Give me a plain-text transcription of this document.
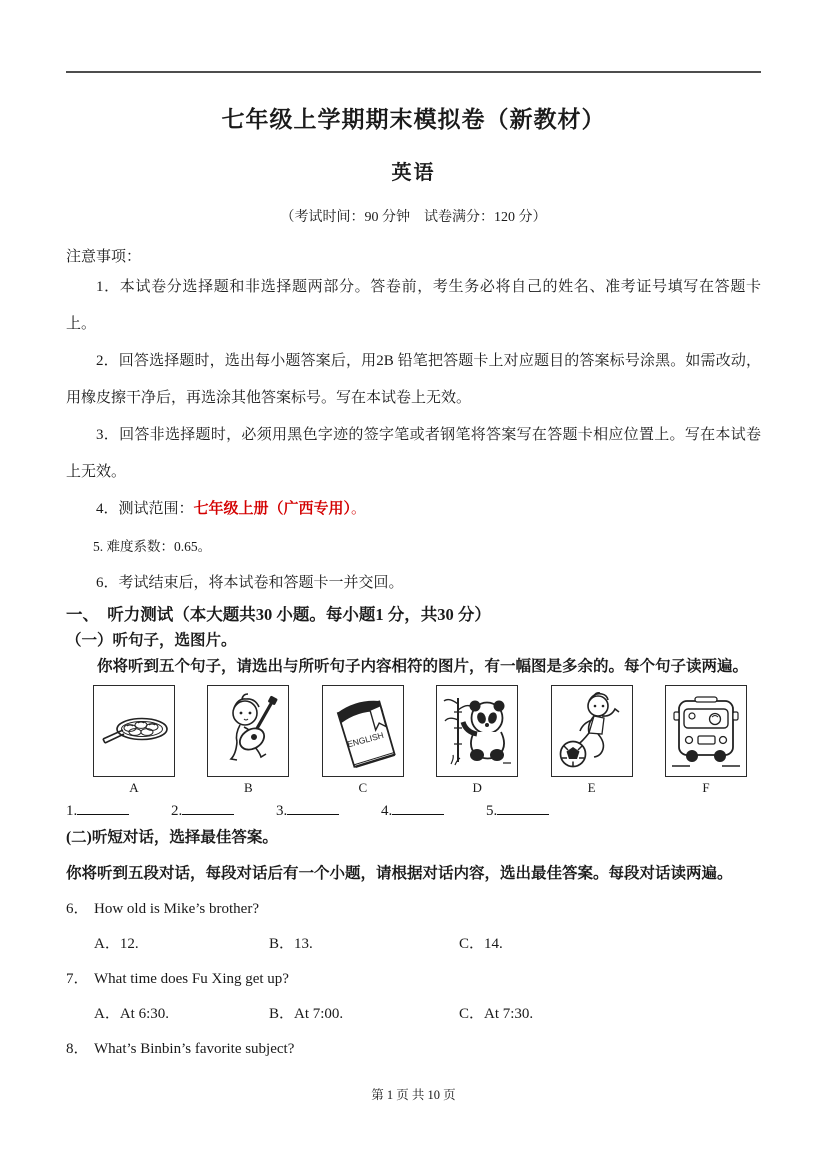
七年级上学期期末模拟卷（新教材）
英语
（考试时间：90 分钟　试卷满分：120 分）
注意事项：

1．本试卷分选择题和非选择题两部分。答卷前，考生务必将自己的姓名、准考证号填写在答题卡上。

2．回答选择题时，选出每小题答案后，用2B 铅笔把答题卡上对应题目的答案标号涂黑。如需改动，用橡皮擦干净后，再选涂其他答案标号。写在本试卷上无效。

3．回答非选择题时，必须用黑色字迹的签字笔或者钢笔将答案写在答题卡相应位置上。写在本试卷上无效。

4．测试范围：七年级上册（广西专用）。

5. 难度系数：0.65。

6．考试结束后，将本试卷和答题卡一并交回。

一、　听力测试（本大题共30 小题。每小题1 分，共30 分）
（一）听句子，选图片。

你将听到五个句子，请选出与所听句子内容相符的图片，有一幅图是多余的。每个句子读两遍。

A	B
ENGLISH
C	D	E	F
1.	2.	3.	4.	5.
(二)听短对话，选择最佳答案。

你将听到五段对话，每段对话后有一个小题，请根据对话内容，选出最佳答案。每段对话读两遍。

6． How old is Mike’s brother?

A．12.	B．13.	C．14.

7． What time does Fu Xing get up?

A．At 6:30.	B．At 7:00.	C．At 7:30.

8． What’s Binbin’s favorite subject?

第 1 页 共 10 页
